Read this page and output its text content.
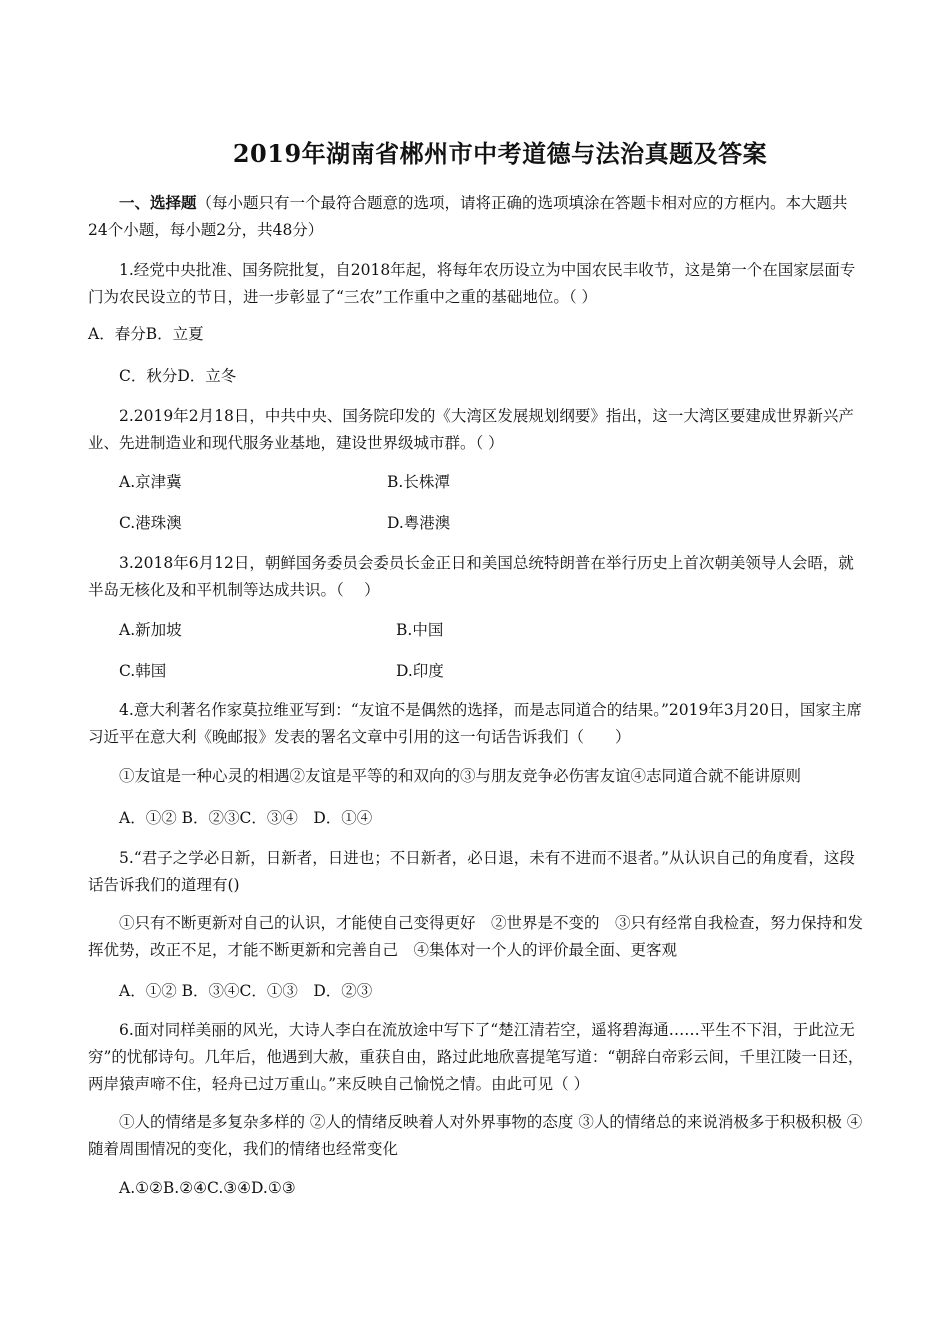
2019年湖南省郴州市中考道德与法治真题及答案
一、选择题（每小题只有一个最符合题意的选项，请将正确的选项填涂在答题卡相对应的方框内。本大题共24个小题，每小题2分，共48分）
1.经党中央批准、国务院批复，自2018年起，将每年农历设立为中国农民丰收节，这是第一个在国家层面专门为农民设立的节日，进一步彰显了“三农”工作重中之重的基础地位。（ ）
A．春分B．立夏
C．秋分D．立冬
2.2019年2月18日，中共中央、国务院印发的《大湾区发展规划纲要》指出，这一大湾区要建成世界新兴产业、先进制造业和现代服务业基地，建设世界级城市群。（ ）
A.京津冀	B.长株潭
C.港珠澳	D.粤港澳
3.2018年6月12日，朝鲜国务委员会委员长金正日和美国总统特朗普在举行历史上首次朝美领导人会晤，就半岛无核化及和平机制等达成共识。（　 ）
A.新加坡	B.中国
C.韩国	D.印度
4.意大利著名作家莫拉维亚写到：“友谊不是偶然的选择，而是志同道合的结果。”2019年3月20日，国家主席习近平在意大利《晚邮报》发表的署名文章中引用的这一句话告诉我们（　　）
①友谊是一种心灵的相遇②友谊是平等的和双向的③与朋友竞争必伤害友谊④志同道合就不能讲原则
A．①② B．②③C．③④　D．①④
5.“君子之学必日新，日新者，日进也；不日新者，必日退，未有不进而不退者。”从认识自己的角度看，这段话告诉我们的道理有()
①只有不断更新对自己的认识，才能使自己变得更好　②世界是不变的　③只有经常自我检查，努力保持和发挥优势，改正不足，才能不断更新和完善自己　④集体对一个人的评价最全面、更客观
A．①② B．③④C．①③　D．②③
6.面对同样美丽的风光，大诗人李白在流放途中写下了“楚江清若空，遥将碧海通……平生不下泪，于此泣无穷”的忧郁诗句。几年后，他遇到大赦，重获自由，路过此地欣喜提笔写道：“朝辞白帝彩云间，千里江陵一日还，两岸猿声啼不住，轻舟已过万重山。”来反映自己愉悦之情。由此可见（ ）
①人的情绪是多复杂多样的 ②人的情绪反映着人对外界事物的态度 ③人的情绪总的来说消极多于积极积极 ④随着周围情况的变化，我们的情绪也经常变化
A.①②B.②④C.③④D.①③
